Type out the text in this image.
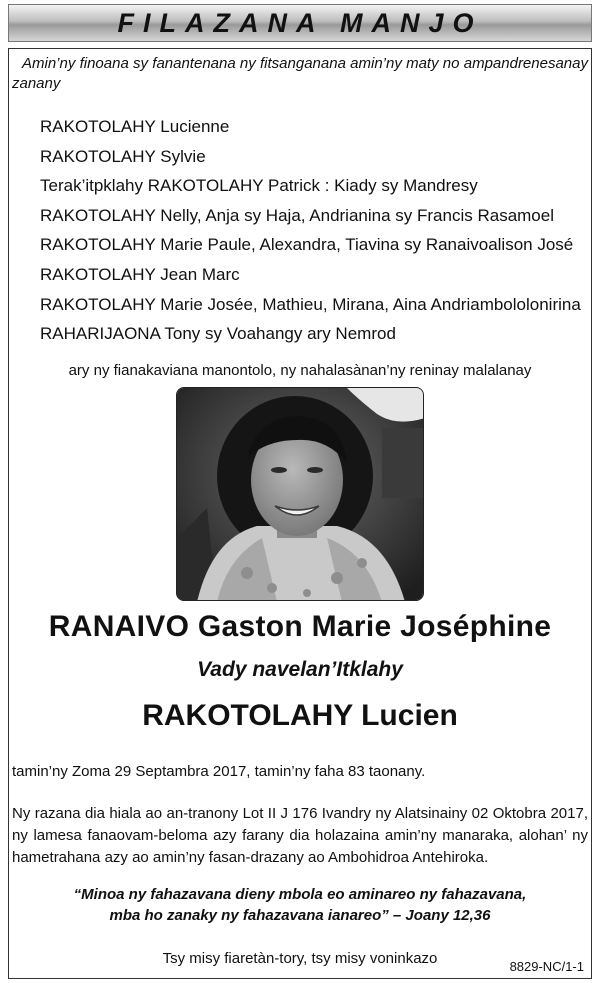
FILAZANA MANJO
Amin’ny finoana sy fanantenana ny fitsanganana amin’ny maty no ampandrenesanay zanany
RAKOTOLAHY Lucienne
RAKOTOLAHY Sylvie
Terak’itpklahy RAKOTOLAHY Patrick : Kiady sy Mandresy
RAKOTOLAHY Nelly, Anja sy Haja, Andrianina sy Francis Rasamoel
RAKOTOLAHY Marie Paule, Alexandra, Tiavina sy Ranaivoalison José
RAKOTOLAHY Jean Marc
RAKOTOLAHY Marie Josée, Mathieu, Mirana, Aina Andriambololonirina
RAHARIJAONA Tony sy Voahangy ary Nemrod
ary ny fianakaviana manontolo, ny nahalasànan’ny reninay malalanay
RANAIVO Gaston Marie Joséphine
Vady navelan’Itklahy
RAKOTOLAHY Lucien
tamin’ny Zoma 29 Septambra 2017, tamin’ny faha 83 taonany.
Ny razana dia hiala ao an-tranony Lot II J 176 Ivandry ny Alatsinainy 02 Oktobra 2017, ny lamesa fanaovam-beloma azy farany dia holazaina amin’ny manaraka, alohan’ ny hametrahana azy ao amin’ny fasan-drazany ao Ambohidroa Antehiroka.
“Minoa ny fahazavana dieny mbola eo aminareo ny fahazavana,
mba ho zanaky ny fahazavana ianareo” – Joany 12,36
Tsy misy fiaretàn-tory, tsy misy voninkazo	8829-NC/1-1
